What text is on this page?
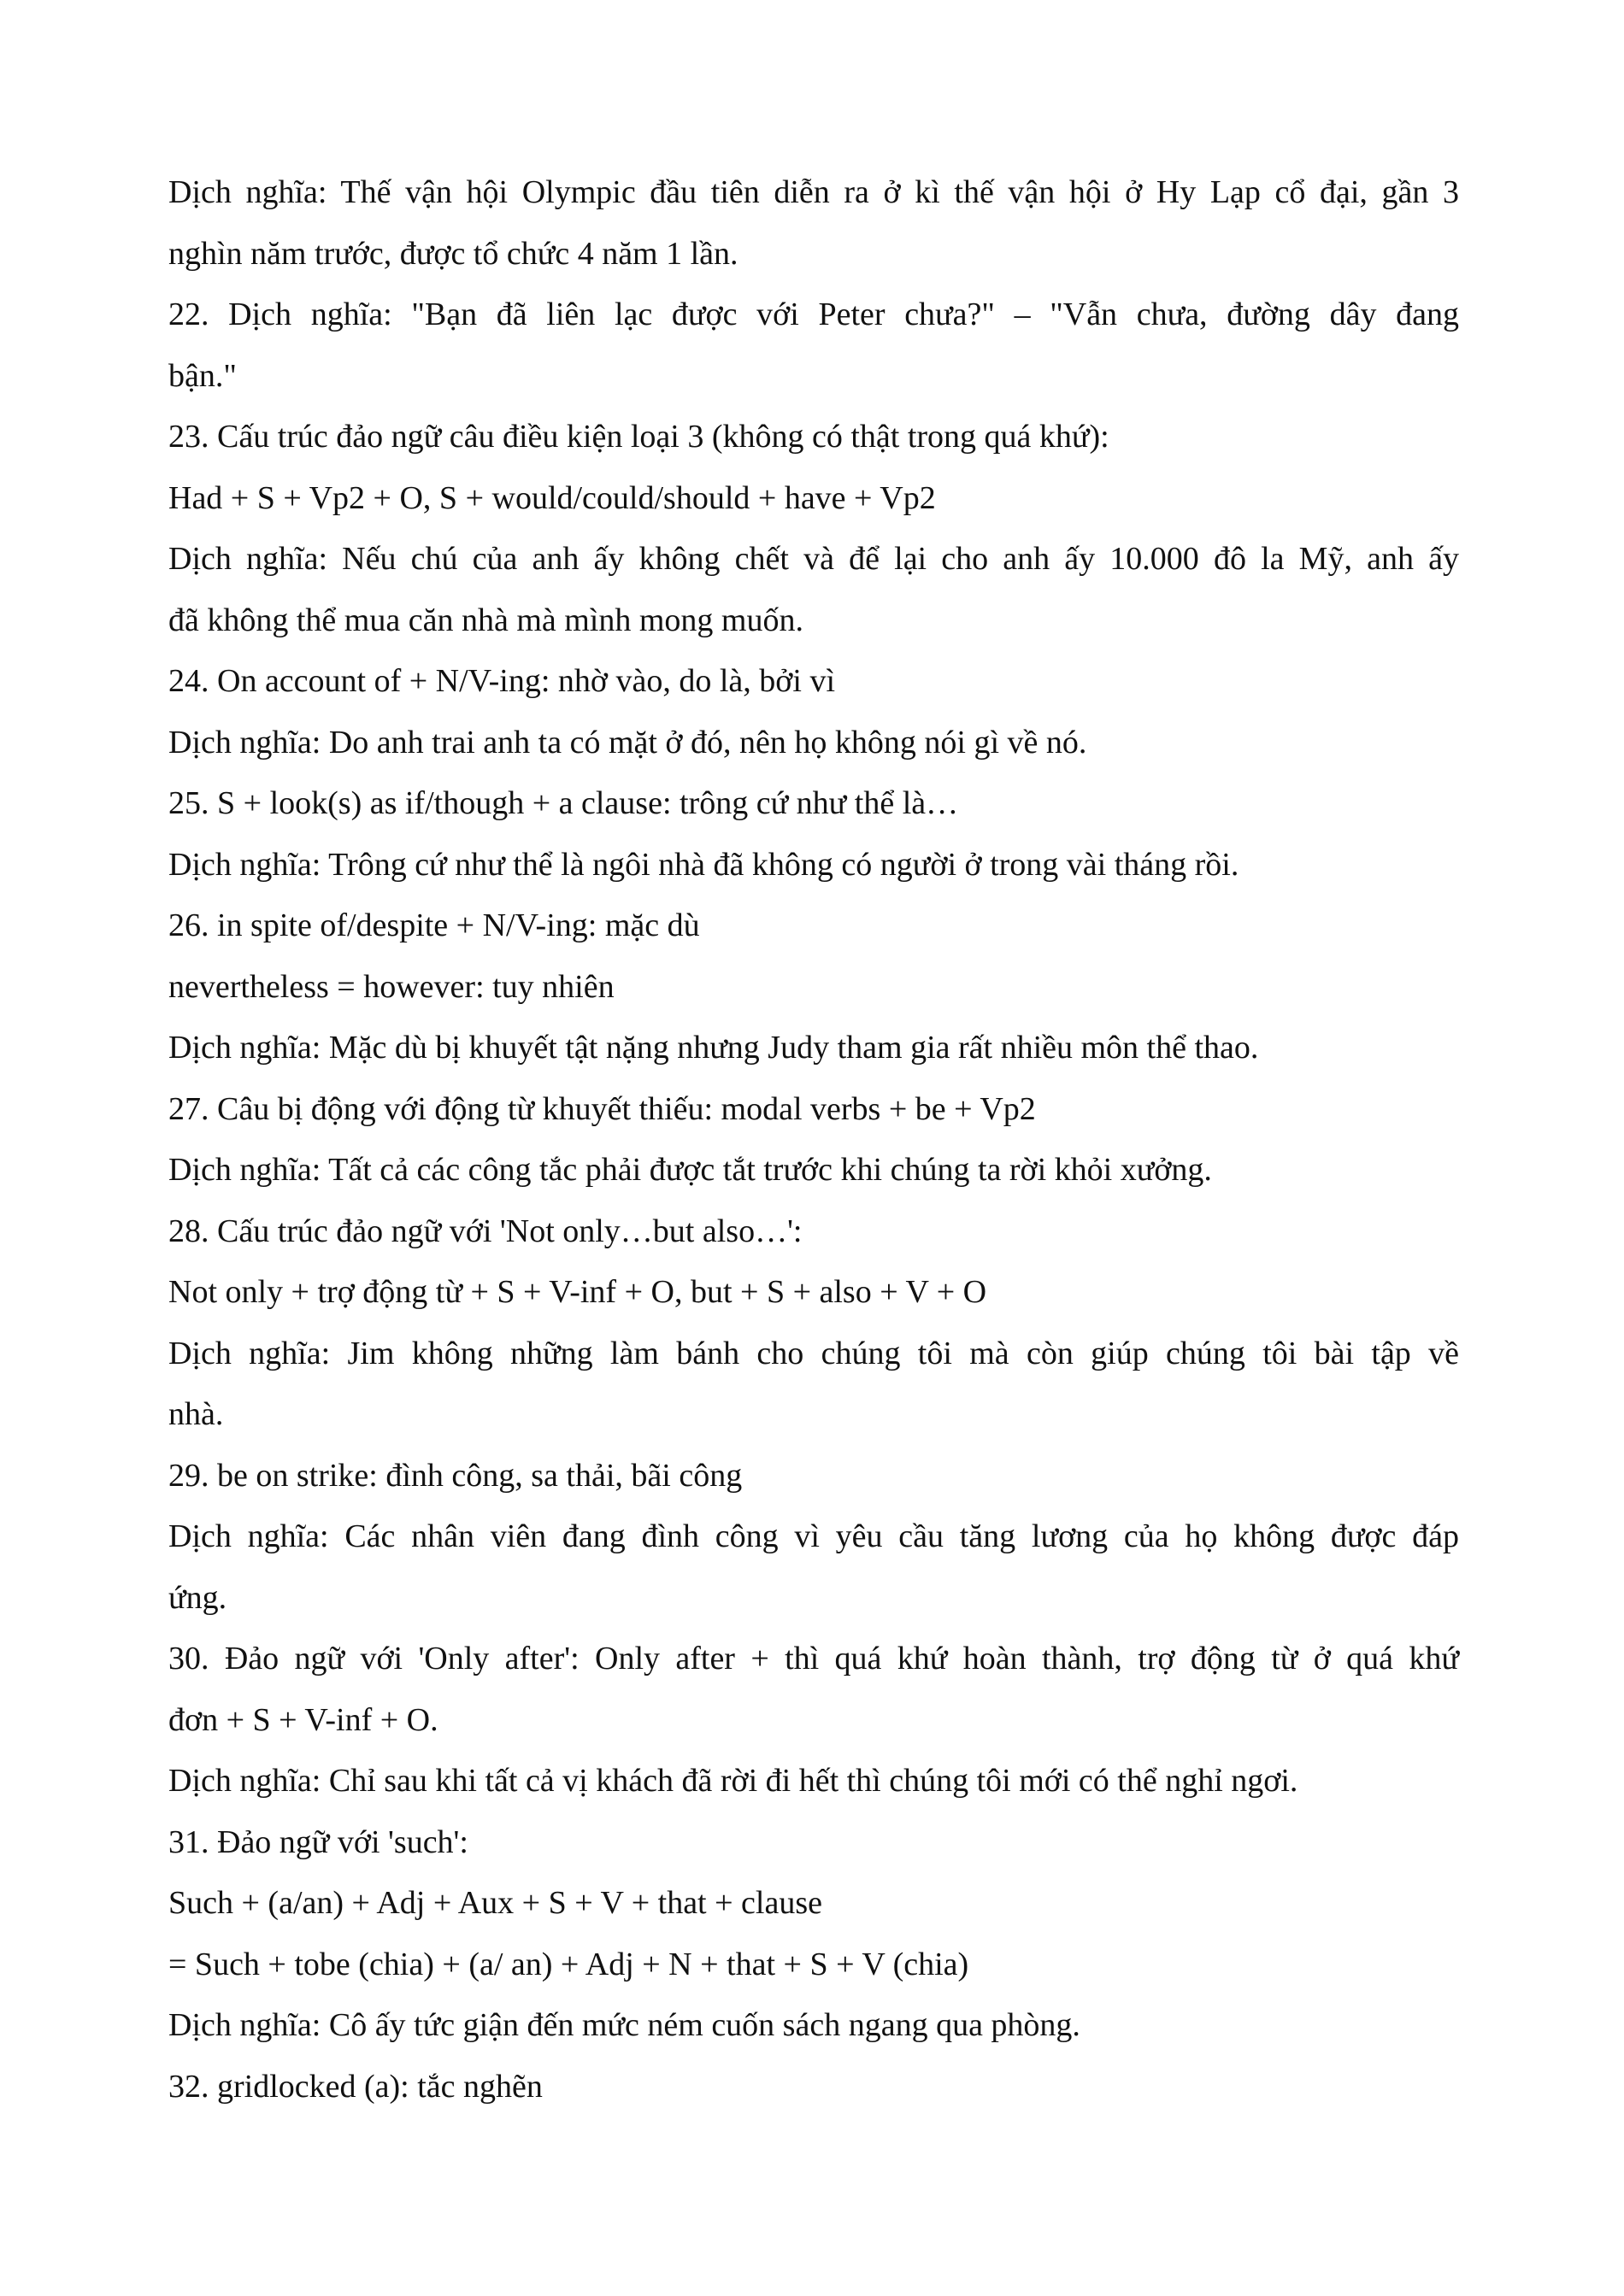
Dịch nghĩa: Thế vận hội Olympic đầu tiên diễn ra ở kì thế vận hội ở Hy Lạp cổ đại, gần 3

nghìn năm trước, được tổ chức 4 năm 1 lần.

22. Dịch nghĩa: "Bạn đã liên lạc được với Peter chưa?" – "Vẫn chưa, đường dây đang

bận."

23. Cấu trúc đảo ngữ câu điều kiện loại 3 (không có thật trong quá khứ):

Had + S + Vp2 + O, S + would/could/should + have + Vp2

Dịch nghĩa: Nếu chú của anh ấy không chết và để lại cho anh ấy 10.000 đô la Mỹ, anh ấy

đã không thể mua căn nhà mà mình mong muốn.

24. On account of + N/V-ing: nhờ vào, do là, bởi vì

Dịch nghĩa: Do anh trai anh ta có mặt ở đó, nên họ không nói gì về nó.

25. S + look(s) as if/though + a clause: trông cứ như thể là…

Dịch nghĩa: Trông cứ như thể là ngôi nhà đã không có người ở trong vài tháng rồi.

26. in spite of/despite + N/V-ing: mặc dù

nevertheless = however: tuy nhiên

Dịch nghĩa: Mặc dù bị khuyết tật nặng nhưng Judy tham gia rất nhiều môn thể thao.

27. Câu bị động với động từ khuyết thiếu: modal verbs + be + Vp2

Dịch nghĩa: Tất cả các công tắc phải được tắt trước khi chúng ta rời khỏi xưởng.

28. Cấu trúc đảo ngữ với 'Not only…but also…':

Not only + trợ động từ + S + V-inf + O, but + S + also + V + O

Dịch nghĩa: Jim không những làm bánh cho chúng tôi mà còn giúp chúng tôi bài tập về

nhà.

29. be on strike: đình công, sa thải, bãi công

Dịch nghĩa: Các nhân viên đang đình công vì yêu cầu tăng lương của họ không được đáp

ứng.

30. Đảo ngữ với 'Only after': Only after + thì quá khứ hoàn thành, trợ động từ ở quá khứ

đơn + S + V-inf + O.

Dịch nghĩa: Chỉ sau khi tất cả vị khách đã rời đi hết thì chúng tôi mới có thể nghỉ ngơi.

31. Đảo ngữ với 'such':

Such + (a/an) + Adj + Aux + S + V + that + clause

= Such + tobe (chia) + (a/ an) + Adj + N + that + S + V (chia)

Dịch nghĩa: Cô ấy tức giận đến mức ném cuốn sách ngang qua phòng.

32. gridlocked (a): tắc nghẽn
